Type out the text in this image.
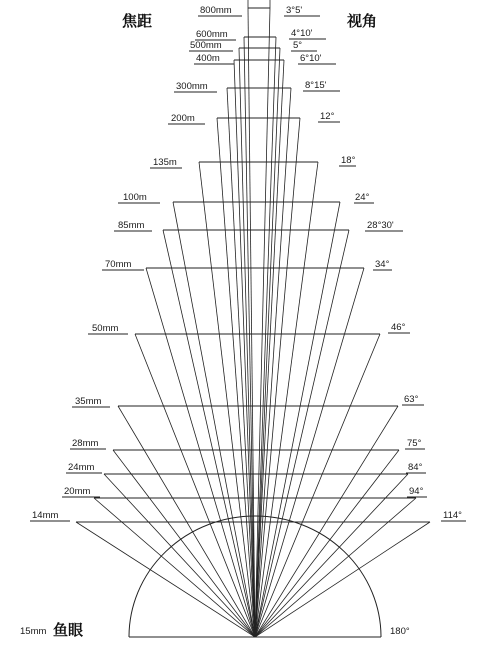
800mm	3°5'
600mm	4°10'
500mm	5°
400m	6°10'
300mm	8°15'
200m	12°
135m	18°
100m	24°
85mm	28°30'
70mm	34°
50mm	46°
35mm	63°
28mm	75°
24mm	84°
20mm	94°
14mm	114°
焦距	视角
15mm 鱼眼	180°
